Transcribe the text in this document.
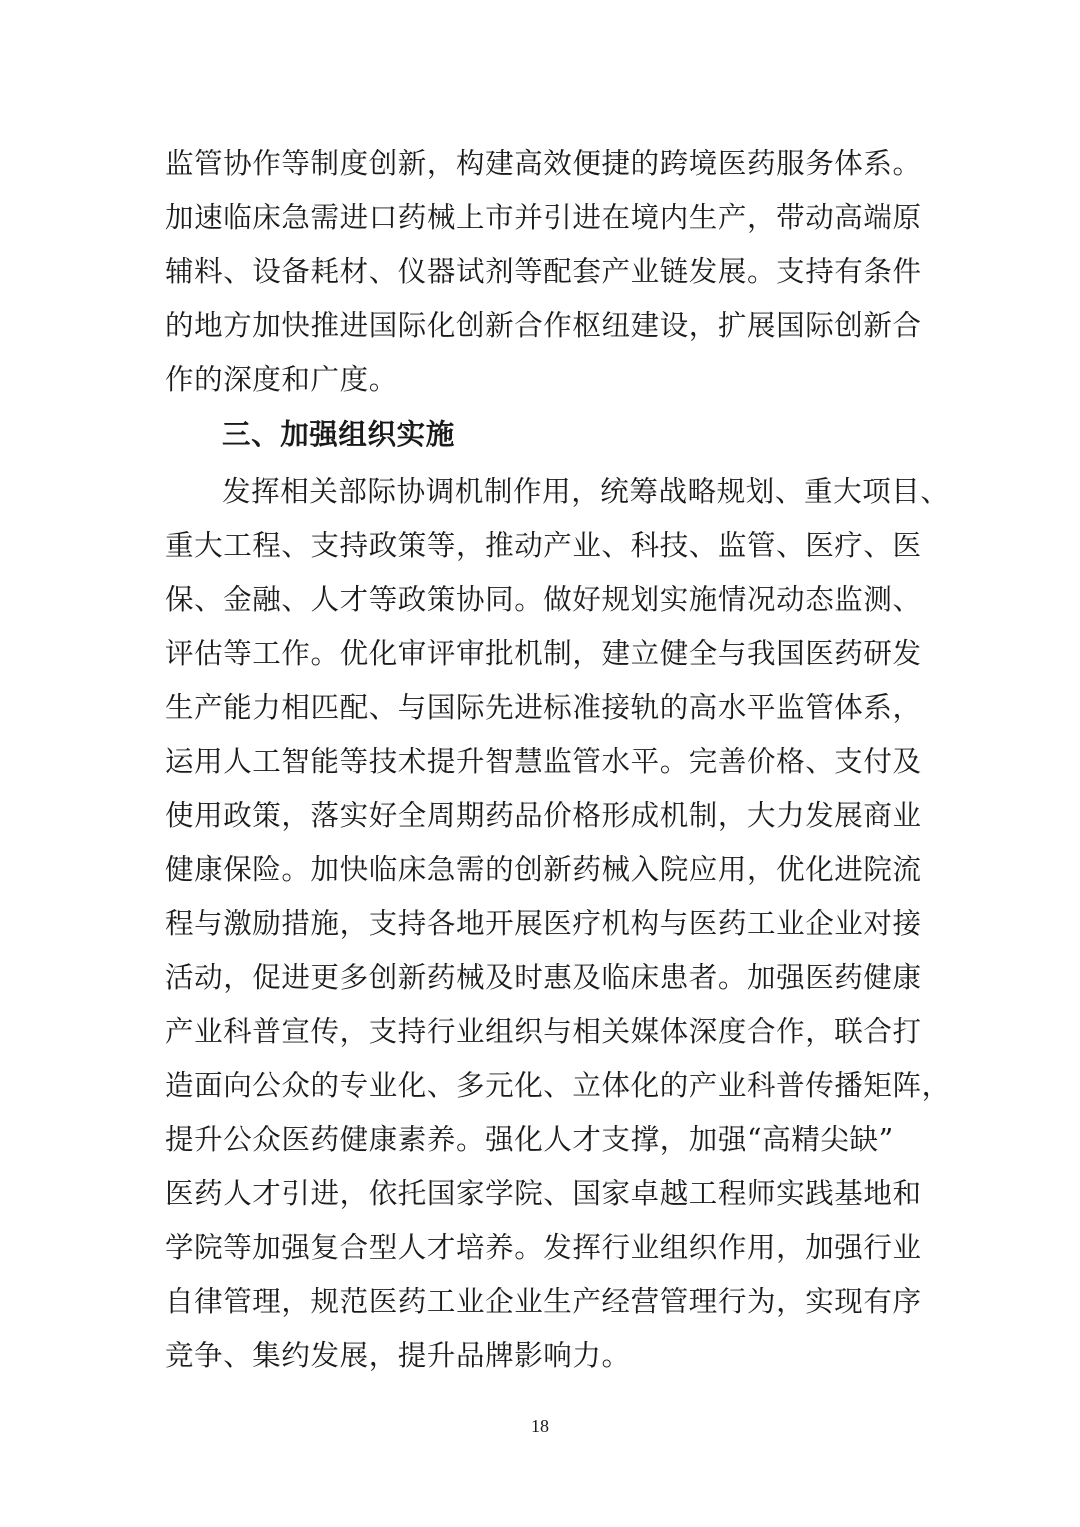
监管协作等制度创新，构建高效便捷的跨境医药服务体系。
加速临床急需进口药械上市并引进在境内生产，带动高端原
辅料、设备耗材、仪器试剂等配套产业链发展。支持有条件
的地方加快推进国际化创新合作枢纽建设，扩展国际创新合
作的深度和广度。
三、加强组织实施
发挥相关部际协调机制作用，统筹战略规划、重大项目、
重大工程、支持政策等，推动产业、科技、监管、医疗、医
保、金融、人才等政策协同。做好规划实施情况动态监测、
评估等工作。优化审评审批机制，建立健全与我国医药研发
生产能力相匹配、与国际先进标准接轨的高水平监管体系，
运用人工智能等技术提升智慧监管水平。完善价格、支付及
使用政策，落实好全周期药品价格形成机制，大力发展商业
健康保险。加快临床急需的创新药械入院应用，优化进院流
程与激励措施，支持各地开展医疗机构与医药工业企业对接
活动，促进更多创新药械及时惠及临床患者。加强医药健康
产业科普宣传，支持行业组织与相关媒体深度合作，联合打
造面向公众的专业化、多元化、立体化的产业科普传播矩阵，
提升公众医药健康素养。强化人才支撑，加强“高精尖缺”
医药人才引进，依托国家学院、国家卓越工程师实践基地和
学院等加强复合型人才培养。发挥行业组织作用，加强行业
自律管理，规范医药工业企业生产经营管理行为，实现有序
竞争、集约发展，提升品牌影响力。
18
